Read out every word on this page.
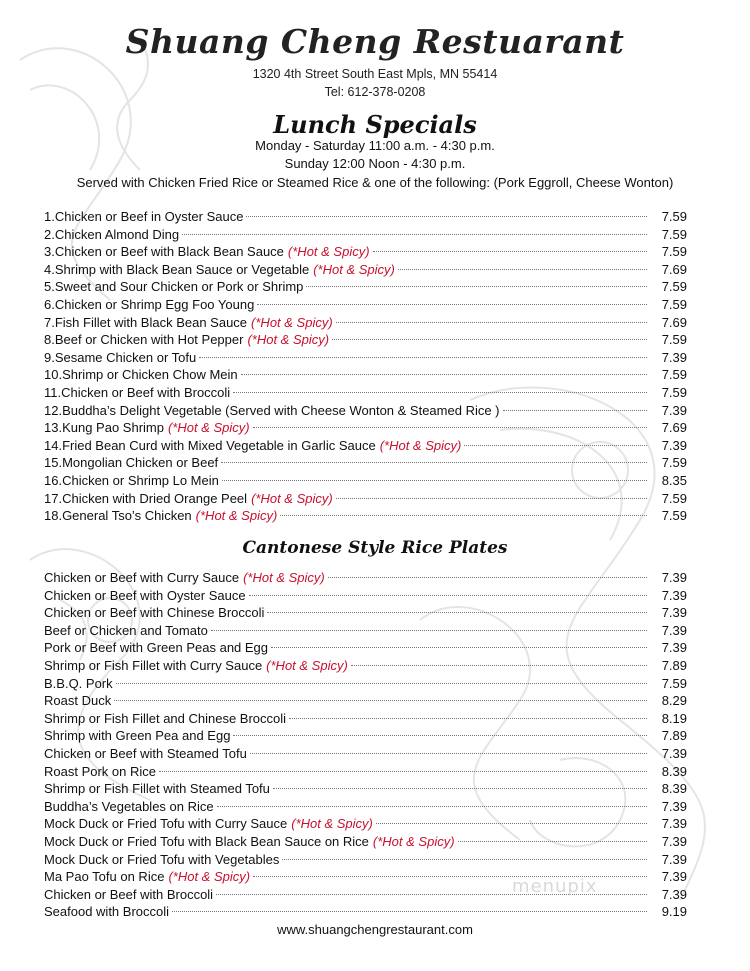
Shuang Cheng Restuarant

1320 4th Street South East Mpls, MN 55414

Tel: 612-378-0208

Lunch Specials

Monday - Saturday 11:00 a.m. - 4:30 p.m.

Sunday 12:00 Noon - 4:30 p.m.

Served with Chicken Fried Rice or Steamed Rice & one of the following: (Pork Eggroll, Cheese Wonton)

1.Chicken or Beef in Oyster Sauce	7.59
2.Chicken Almond Ding	7.59
3.Chicken or Beef with Black Bean Sauce (*Hot & Spicy)	7.59
4.Shrimp with Black Bean Sauce or Vegetable (*Hot & Spicy)	7.69
5.Sweet and Sour Chicken or Pork or Shrimp	7.59
6.Chicken or Shrimp Egg Foo Young	7.59
7.Fish Fillet with Black Bean Sauce (*Hot & Spicy)	7.69
8.Beef or Chicken with Hot Pepper (*Hot & Spicy)	7.59
9.Sesame Chicken or Tofu	7.39
10.Shrimp or Chicken Chow Mein	7.59
11.Chicken or Beef with Broccoli	7.59
12.Buddha’s Delight Vegetable (Served with Cheese Wonton & Steamed Rice )	7.39
13.Kung Pao Shrimp (*Hot & Spicy)	7.69
14.Fried Bean Curd with Mixed Vegetable in Garlic Sauce (*Hot & Spicy)	7.39
15.Mongolian Chicken or Beef	7.59
16.Chicken or Shrimp Lo Mein	8.35
17.Chicken with Dried Orange Peel (*Hot & Spicy)	7.59
18.General Tso’s Chicken (*Hot & Spicy)	7.59
Cantonese Style Rice Plates
Chicken or Beef with Curry Sauce (*Hot & Spicy)	7.39
Chicken or Beef with Oyster Sauce	7.39
Chicken or Beef with Chinese Broccoli	7.39
Beef or Chicken and Tomato	7.39
Pork or Beef with Green Peas and Egg	7.39
Shrimp or Fish Fillet with Curry Sauce (*Hot & Spicy)	7.89
B.B.Q. Pork	7.59
Roast Duck	8.29
Shrimp or Fish Fillet and Chinese Broccoli	8.19
Shrimp with Green Pea and Egg	7.89
Chicken or Beef with Steamed Tofu	7.39
Roast Pork on Rice	8.39
Shrimp or Fish Fillet with Steamed Tofu	8.39
Buddha’s Vegetables on Rice	7.39
Mock Duck or Fried Tofu with Curry Sauce (*Hot & Spicy)	7.39
Mock Duck or Fried Tofu with Black Bean Sauce on Rice (*Hot & Spicy)	7.39
Mock Duck or Fried Tofu with Vegetables	7.39
Ma Pao Tofu on Rice (*Hot & Spicy)	7.39
Chicken or Beef with Broccoli	7.39
Seafood with Broccoli	9.19
menupix

www.shuangchengrestaurant.com
